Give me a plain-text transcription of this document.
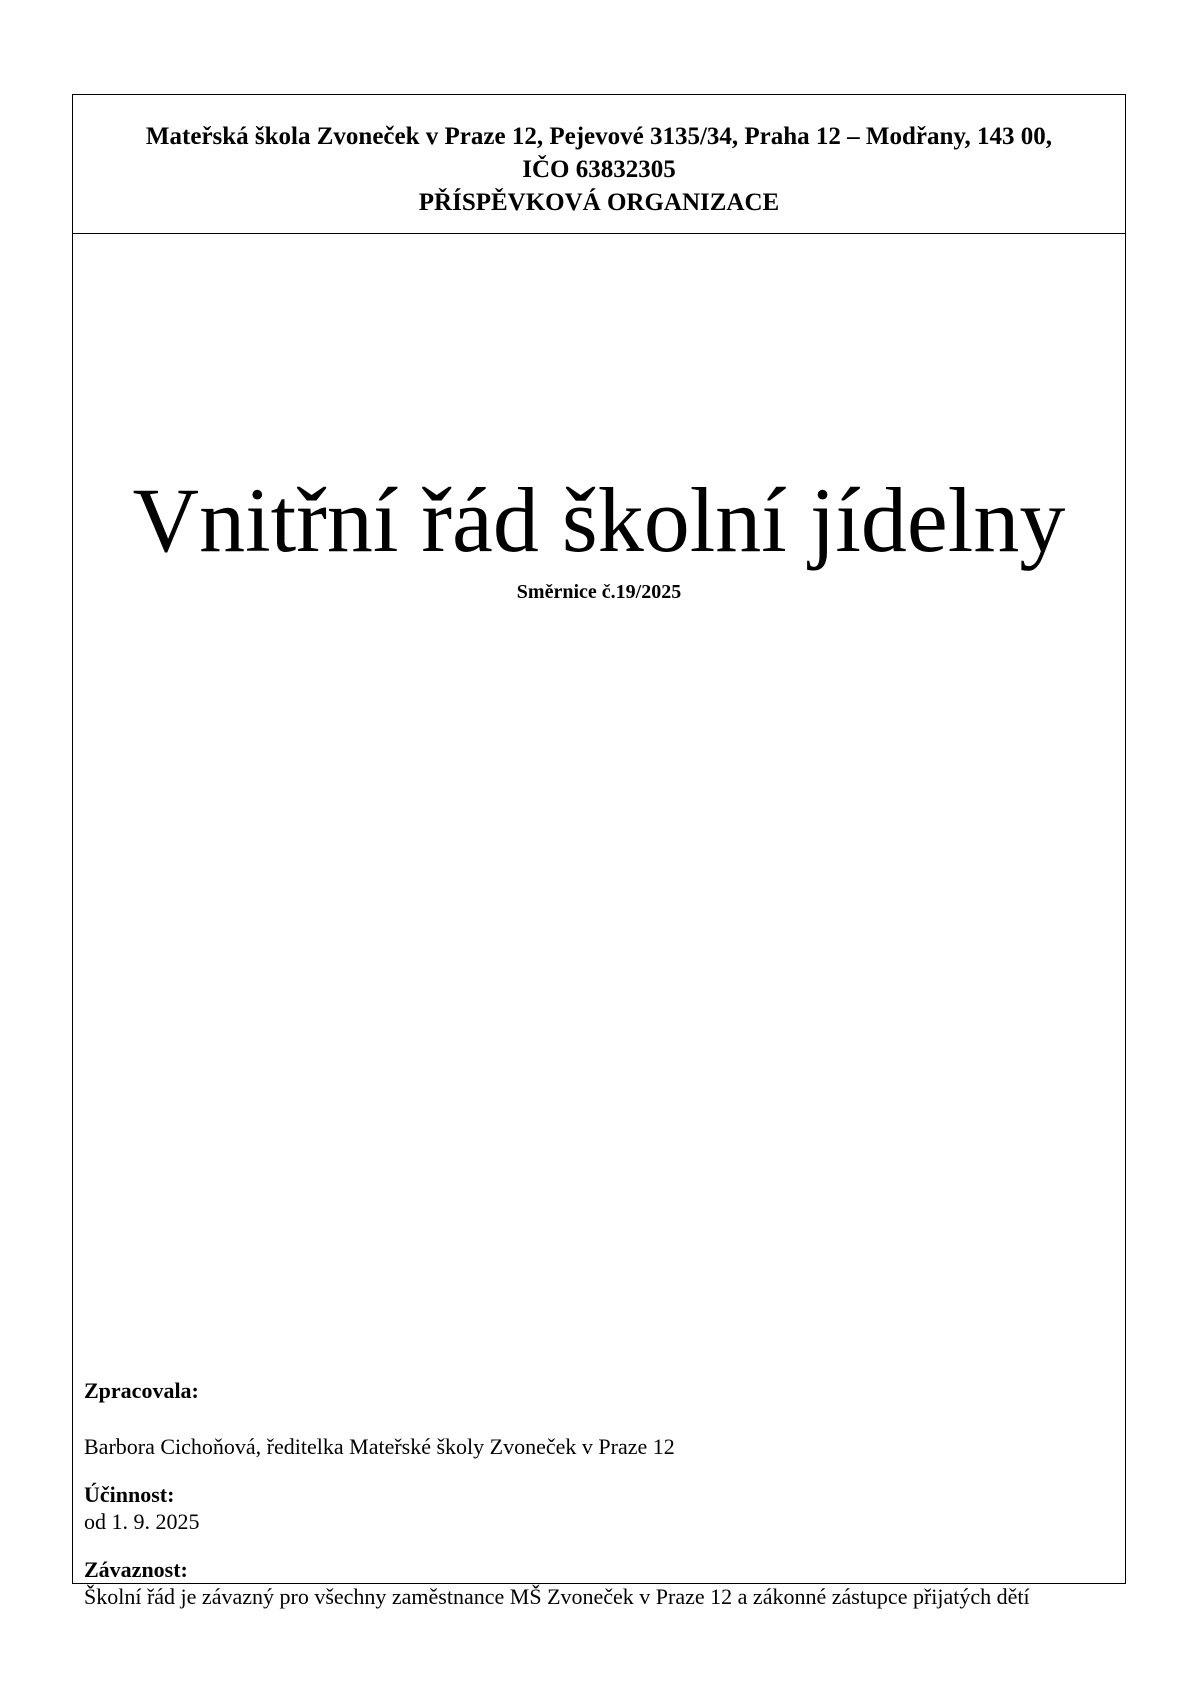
Mateřská škola Zvoneček v Praze 12, Pejevové 3135/34, Praha 12 – Modřany, 143 00,
IČO 63832305
PŘÍSPĚVKOVÁ ORGANIZACE
Vnitřní řád školní jídelny
Směrnice č.19/2025
Zpracovala:
Barbora Cichoňová, ředitelka Mateřské školy Zvoneček v Praze 12
Účinnost:
od 1. 9. 2025
Závaznost:
Školní řád je závazný pro všechny zaměstnance MŠ Zvoneček v Praze 12 a zákonné zástupce přijatých dětí
